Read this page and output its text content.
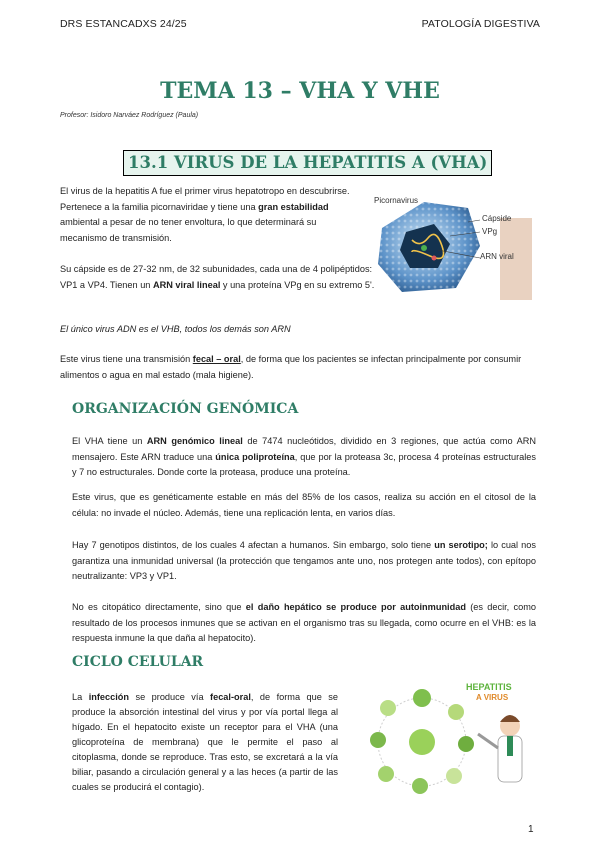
DRS ESTANCADXS 24/25	PATOLOGÍA DIGESTIVA
TEMA 13 – VHA Y VHE
Profesor: Isidoro Narváez Rodríguez (Paula)
13.1 VIRUS DE LA HEPATITIS A (VHA)
El virus de la hepatitis A fue el primer virus hepatotropo en descubrirse. Pertenece a la familia picornaviridae y tiene una gran estabilidad ambiental a pesar de no tener envoltura, lo que determinará su mecanismo de transmisión.
Picornavirus
Cápside
VPg
ARN viral
Su cápside es de 27-32 nm, de 32 subunidades, cada una de 4 polipéptidos: VP1 a VP4. Tienen un ARN viral lineal y una proteína VPg en su extremo 5'.
El único virus ADN es el VHB, todos los demás son ARN
Este virus tiene una transmisión fecal – oral, de forma que los pacientes se infectan principalmente por consumir alimentos o agua en mal estado (mala higiene).
ORGANIZACIÓN GENÓMICA
El VHA tiene un ARN genómico lineal de 7474 nucleótidos, dividido en 3 regiones, que actúa como ARN mensajero. Este ARN traduce una única poliproteína, que por la proteasa 3c, procesa 4 proteínas estructurales y 7 no estructurales. Donde corte la proteasa, produce una proteína.
Este virus, que es genéticamente estable en más del 85% de los casos, realiza su acción en el citosol de la célula: no invade el núcleo. Además, tiene una replicación lenta, en varios días.
Hay 7 genotipos distintos, de los cuales 4 afectan a humanos. Sin embargo, solo tiene un serotipo; lo cual nos garantiza una inmunidad universal (la protección que tengamos ante uno, nos protegen ante todos), con epítopo neutralizante: VP3 y VP1.
No es citopático directamente, sino que el daño hepático se produce por autoinmunidad (es decir, como resultado de los procesos inmunes que se activan en el organismo tras su llegada, como ocurre en el VHB: es la respuesta inmune la que daña al hepatocito).
CICLO CELULAR
La infección se produce vía fecal-oral, de forma que se produce la absorción intestinal del virus y por vía portal llega al hígado. En el hepatocito existe un receptor para el VHA (una glicoproteína de membrana) que le permite el paso al citoplasma, donde se reproduce. Tras esto, se excretará a la vía biliar, pasando a circulación general y a las heces (a partir de las cuales se producirá el contagio).
HEPATITIS
A VIRUS
1
